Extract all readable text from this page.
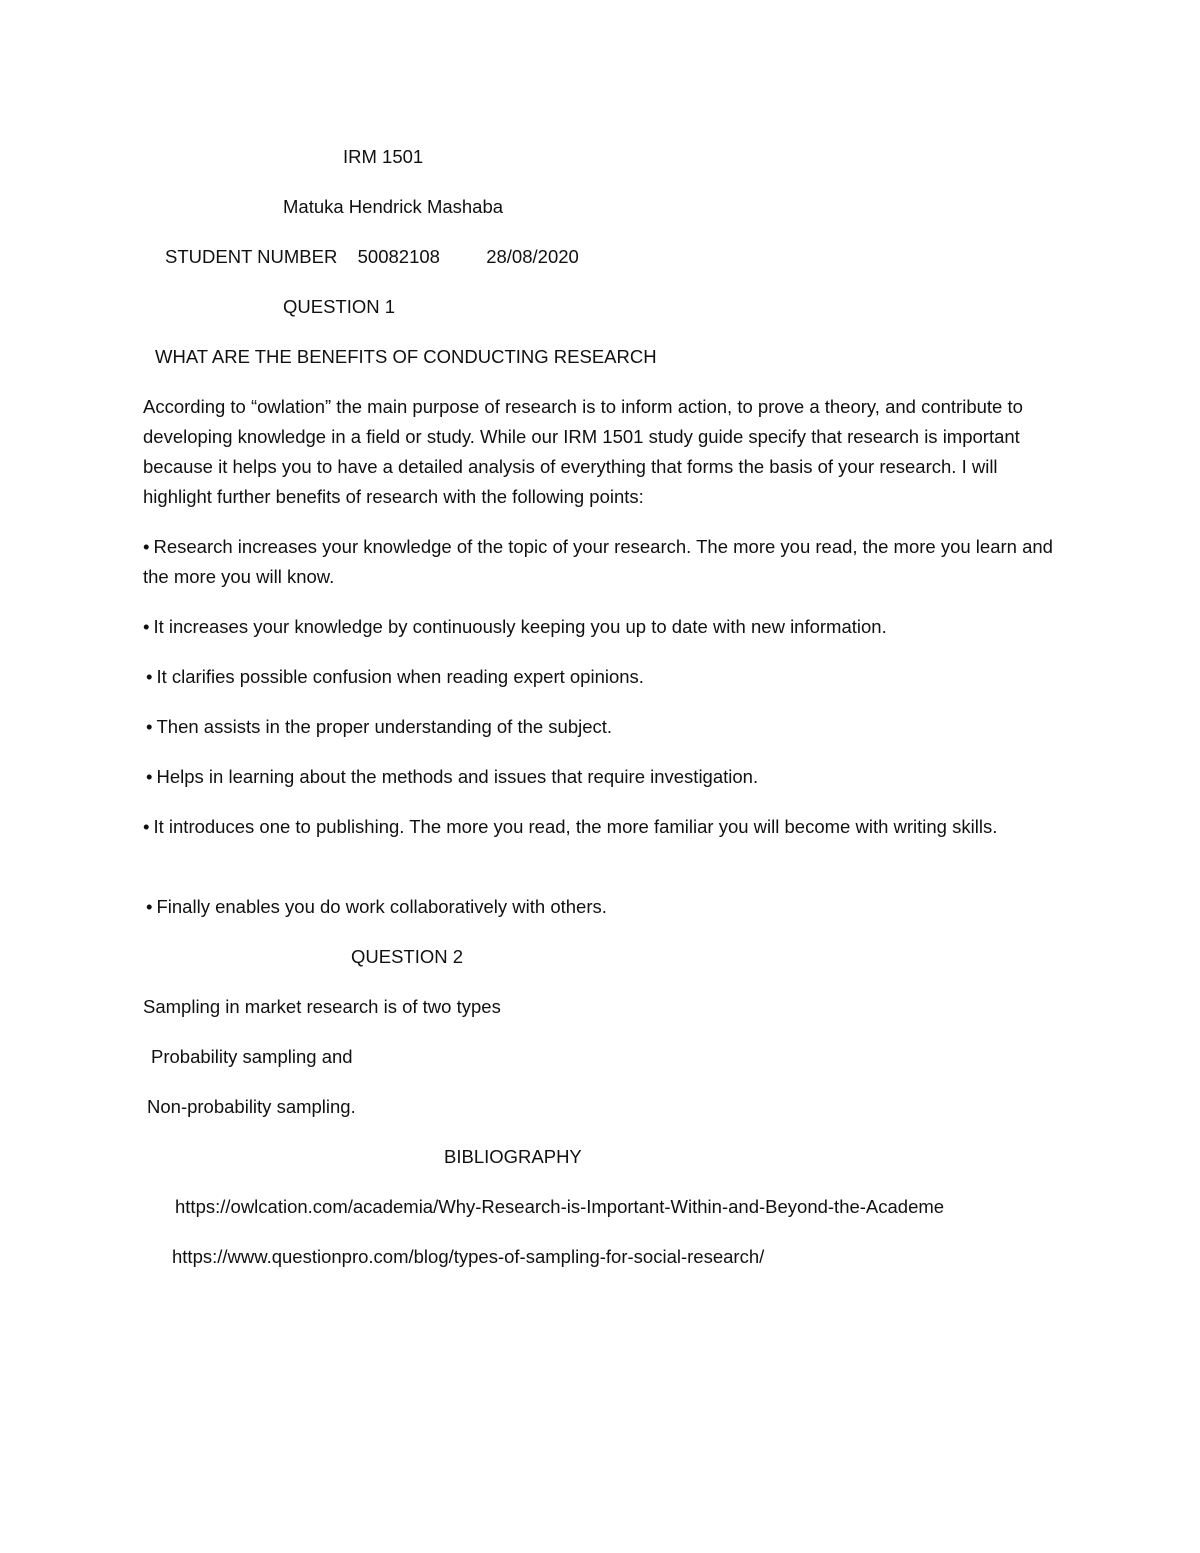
IRM 1501

Matuka Hendrick Mashaba

STUDENT NUMBER 50082108	28/08/2020

QUESTION 1

WHAT ARE THE BENEFITS OF CONDUCTING RESEARCH

According to “owlation” the main purpose of research is to inform action, to prove a theory, and contribute to developing knowledge in a field or study. While our IRM 1501 study guide specify that research is important because it helps you to have a detailed analysis of everything that forms the basis of your research. I will highlight further benefits of research with the following points:

• Research increases your knowledge of the topic of your research. The more you read, the more you learn and the more you will know.

• It increases your knowledge by continuously keeping you up to date with new information.

• It clarifies possible confusion when reading expert opinions.

• Then assists in the proper understanding of the subject.

• Helps in learning about the methods and issues that require investigation.

• It introduces one to publishing. The more you read, the more familiar you will become with writing skills.

• Finally enables you do work collaboratively with others.

QUESTION 2

Sampling in market research is of two types

Probability sampling and

Non-probability sampling.

BIBLIOGRAPHY

https://owlcation.com/academia/Why-Research-is-Important-Within-and-Beyond-the-Academe

https://www.questionpro.com/blog/types-of-sampling-for-social-research/
